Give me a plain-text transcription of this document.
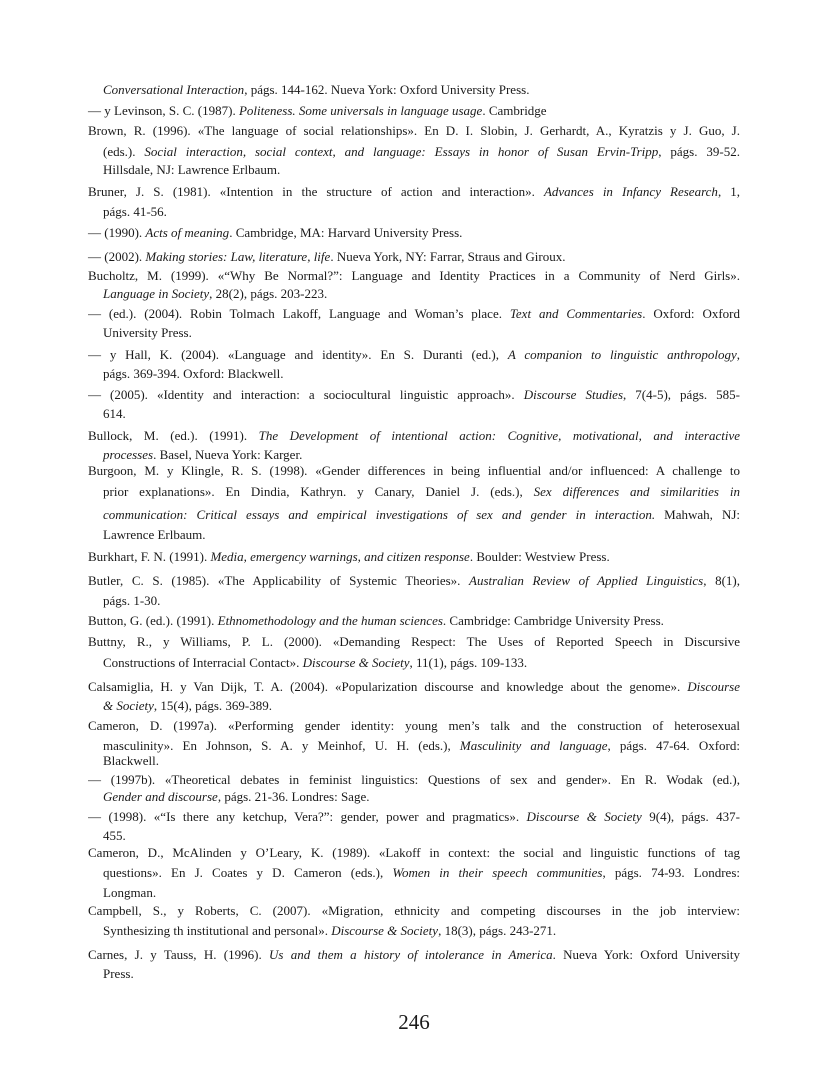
Conversational Interaction, págs. 144-162. Nueva York: Oxford University Press.
— y Levinson, S. C. (1987). Politeness. Some universals in language usage. Cambridge
Brown, R. (1996). «The language of social relationships». En D. I. Slobin, J. Gerhardt, A., Kyratzis y J. Guo, J.
(eds.). Social interaction, social context, and language: Essays in honor of Susan Ervin-Tripp, págs. 39-52.
Hillsdale, NJ: Lawrence Erlbaum.
Bruner, J. S. (1981). «Intention in the structure of action and interaction». Advances in Infancy Research, 1,
págs. 41-56.
— (1990). Acts of meaning. Cambridge, MA: Harvard University Press.
— (2002). Making stories: Law, literature, life. Nueva York, NY: Farrar, Straus and Giroux.
Bucholtz, M. (1999). «“Why Be Normal?”: Language and Identity Practices in a Community of Nerd Girls».
Language in Society, 28(2), págs. 203-223.
— (ed.). (2004). Robin Tolmach Lakoff, Language and Woman’s place. Text and Commentaries. Oxford: Oxford
University Press.
— y Hall, K. (2004). «Language and identity». En S. Duranti (ed.), A companion to linguistic anthropology,
págs. 369-394. Oxford: Blackwell.
— (2005). «Identity and interaction: a sociocultural linguistic approach». Discourse Studies, 7(4-5), págs. 585-
614.
Bullock, M. (ed.). (1991). The Development of intentional action: Cognitive, motivational, and interactive
processes. Basel, Nueva York: Karger.
Burgoon, M. y Klingle, R. S. (1998). «Gender differences in being influential and/or influenced: A challenge to
prior explanations». En Dindia, Kathryn. y Canary, Daniel J. (eds.), Sex differences and similarities in
communication: Critical essays and empirical investigations of sex and gender in interaction. Mahwah, NJ:
Lawrence Erlbaum.
Burkhart, F. N. (1991). Media, emergency warnings, and citizen response. Boulder: Westview Press.
Butler, C. S. (1985). «The Applicability of Systemic Theories». Australian Review of Applied Linguistics, 8(1),
págs. 1-30.
Button, G. (ed.). (1991). Ethnomethodology and the human sciences. Cambridge: Cambridge University Press.
Buttny, R., y Williams, P. L. (2000). «Demanding Respect: The Uses of Reported Speech in Discursive
Constructions of Interracial Contact». Discourse & Society, 11(1), págs. 109-133.
Calsamiglia, H. y Van Dijk, T. A. (2004). «Popularization discourse and knowledge about the genome». Discourse
& Society, 15(4), págs. 369-389.
Cameron, D. (1997a). «Performing gender identity: young men’s talk and the construction of heterosexual
masculinity». En Johnson, S. A. y Meinhof, U. H. (eds.), Masculinity and language, págs. 47-64. Oxford:
Blackwell.
— (1997b). «Theoretical debates in feminist linguistics: Questions of sex and gender». En R. Wodak (ed.),
Gender and discourse, págs. 21-36. Londres: Sage.
— (1998). «“Is there any ketchup, Vera?”: gender, power and pragmatics». Discourse & Society 9(4), págs. 437-
455.
Cameron, D., McAlinden y O’Leary, K. (1989). «Lakoff in context: the social and linguistic functions of tag
questions». En J. Coates y D. Cameron (eds.), Women in their speech communities, págs. 74-93. Londres:
Longman.
Campbell, S., y Roberts, C. (2007). «Migration, ethnicity and competing discourses in the job interview:
Synthesizing th institutional and personal». Discourse & Society, 18(3), págs. 243-271.
Carnes, J. y Tauss, H. (1996). Us and them a history of intolerance in America. Nueva York: Oxford University
Press.
246
